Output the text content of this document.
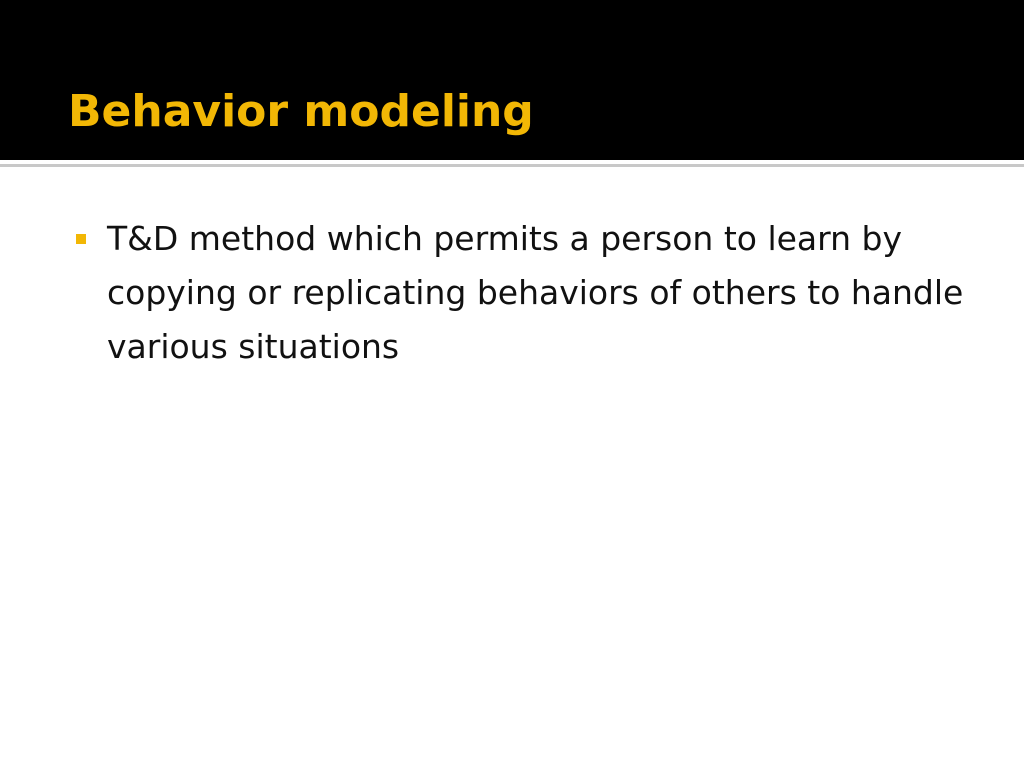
Behavior modeling
T&D method which permits a person to learn by copying or replicating behaviors of others to handle various situations
